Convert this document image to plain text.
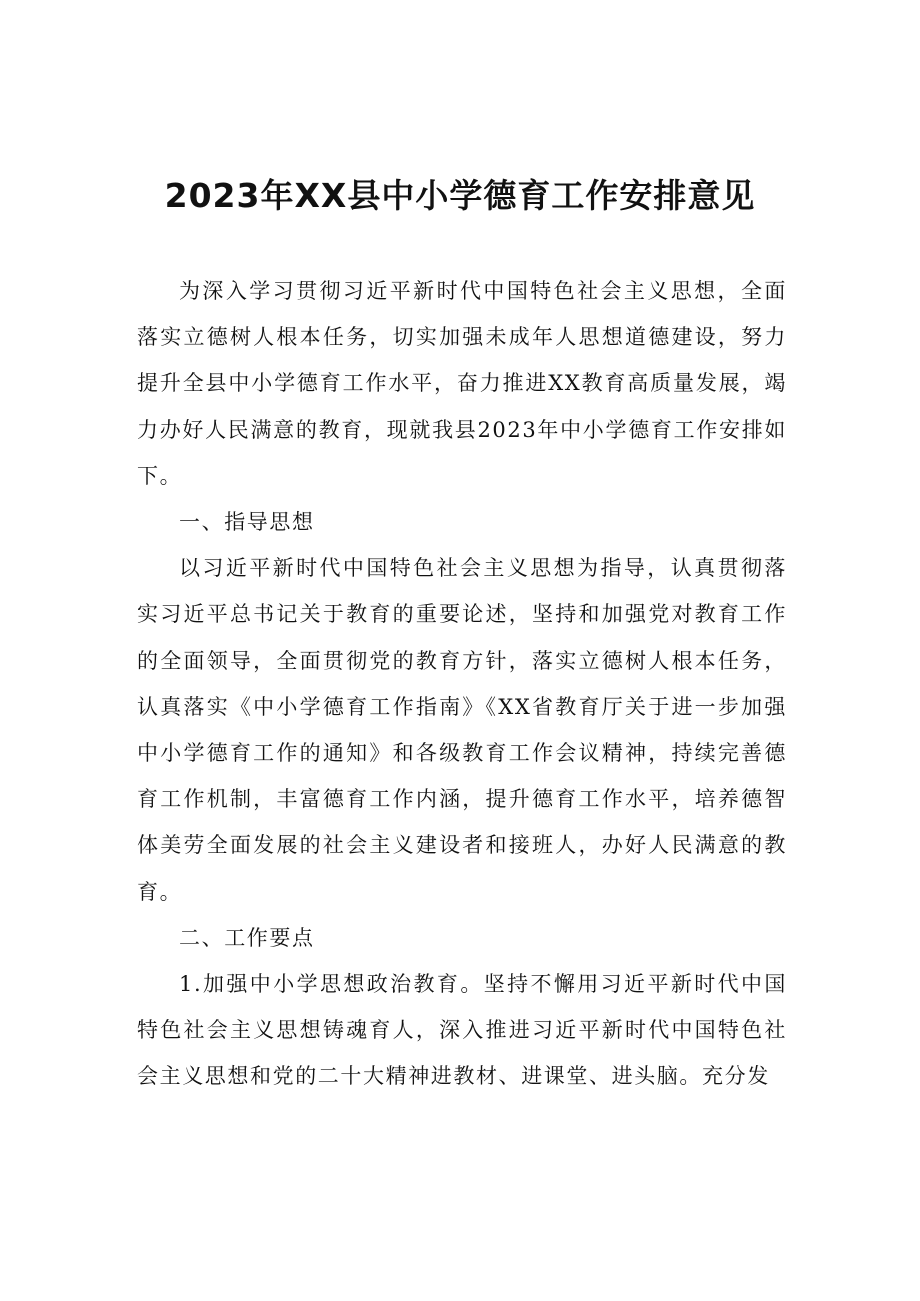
2023年XX县中小学德育工作安排意见

为深入学习贯彻习近平新时代中国特色社会主义思想，全面落实立德树人根本任务，切实加强未成年人思想道德建设，努力提升全县中小学德育工作水平，奋力推进XX教育高质量发展，竭力办好人民满意的教育，现就我县2023年中小学德育工作安排如下。

一、指导思想

以习近平新时代中国特色社会主义思想为指导，认真贯彻落实习近平总书记关于教育的重要论述，坚持和加强党对教育工作的全面领导，全面贯彻党的教育方针，落实立德树人根本任务，认真落实《中小学德育工作指南》《XX省教育厅关于进一步加强中小学德育工作的通知》和各级教育工作会议精神，持续完善德育工作机制，丰富德育工作内涵，提升德育工作水平，培养德智体美劳全面发展的社会主义建设者和接班人，办好人民满意的教育。

二、工作要点

1.加强中小学思想政治教育。坚持不懈用习近平新时代中国特色社会主义思想铸魂育人，深入推进习近平新时代中国特色社会主义思想和党的二十大精神进教材、进课堂、进头脑。充分发
